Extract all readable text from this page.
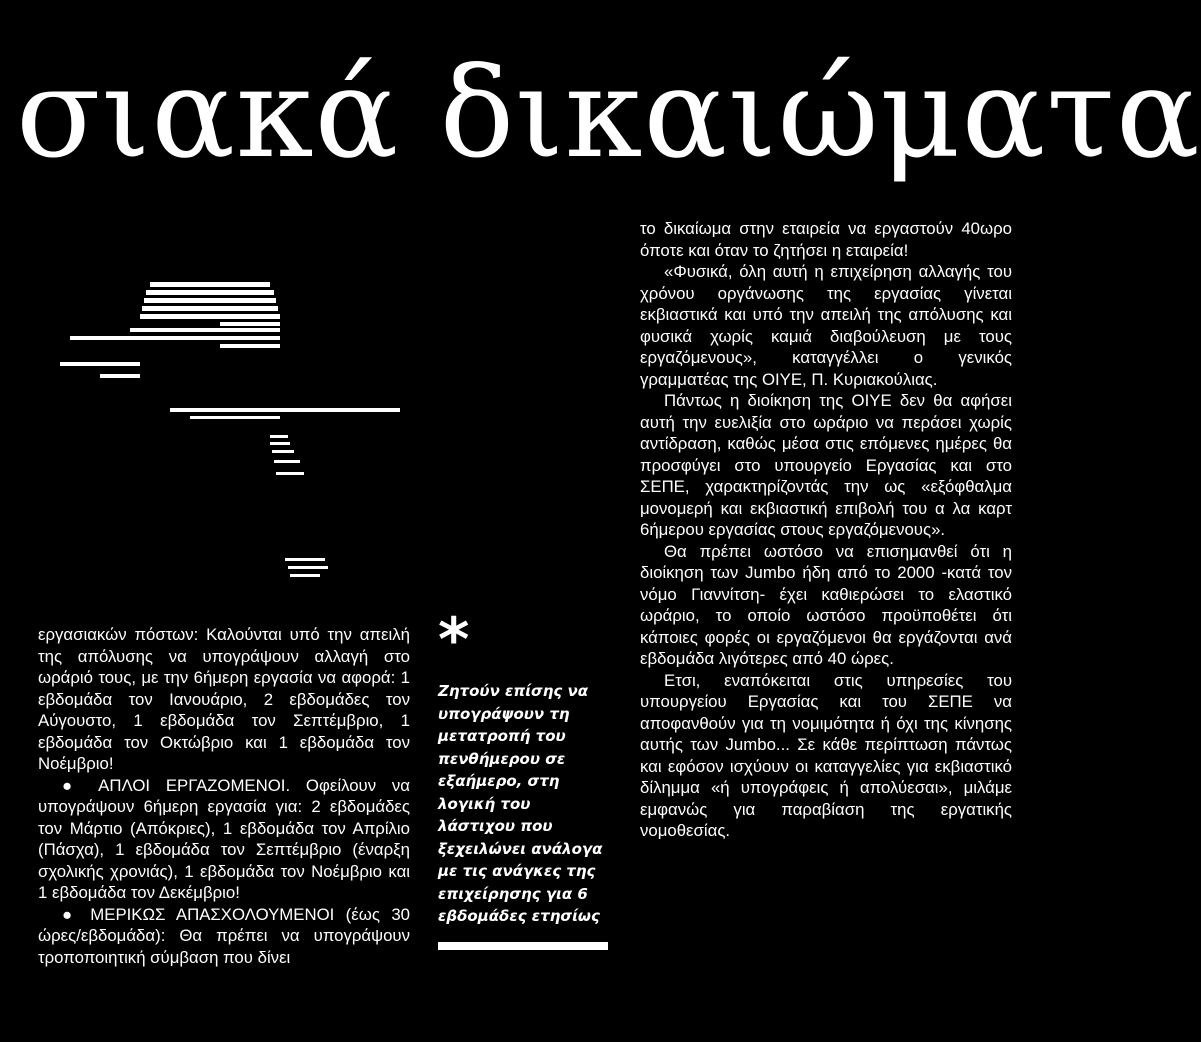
σιακά δικαιώματα

εργασιακών πόστων: Καλούνται υπό την απειλή της απόλυσης να υπογράψουν αλλαγή στο ωράριό τους, με την 6ήμερη εργασία να αφορά: 1 εβδομάδα τον Ιανουάριο, 2 εβδομάδες τον Αύγουστο, 1 εβδομάδα τον Σεπτέμβριο, 1 εβδομάδα τον Οκτώβριο και 1 εβδομάδα τον Νοέμβριο!

● ΑΠΛΟΙ ΕΡΓΑΖΟΜΕΝΟΙ. Οφείλουν να υπογράψουν 6ήμερη εργασία για: 2 εβδομάδες τον Μάρτιο (Απόκριες), 1 εβδομάδα τον Απρίλιο (Πάσχα), 1 εβδομάδα τον Σεπτέμβριο (έναρξη σχολικής χρονιάς), 1 εβδομάδα τον Νοέμβριο και 1 εβδομάδα τον Δεκέμβριο!

● ΜΕΡΙΚΩΣ ΑΠΑΣΧΟΛΟΥΜΕΝΟΙ (έως 30 ώρες/εβδομάδα): Θα πρέπει να υπογράψουν τροποποιητική σύμβαση που δίνει

*
Ζητούν επίσης να υπογράψουν τη μετατροπή του πενθήμερου σε εξαήμερο, στη λογική του λάστιχου που ξεχειλώνει ανάλογα με τις ανάγκες της επιχείρησης για 6 εβδομάδες ετησίως

το δικαίωμα στην εταιρεία να εργαστούν 40ωρο όποτε και όταν το ζητήσει η εταιρεία!

«Φυσικά, όλη αυτή η επιχείρηση αλλαγής του χρόνου οργάνωσης της εργασίας γίνεται εκβιαστικά και υπό την απειλή της απόλυσης και φυσικά χωρίς καμιά διαβούλευση με τους εργαζόμενους», καταγγέλλει ο γενικός γραμματέας της ΟΙΥΕ, Π. Κυριακούλιας.

Πάντως η διοίκηση της ΟΙΥΕ δεν θα αφήσει αυτή την ευελιξία στο ωράριο να περάσει χωρίς αντίδραση, καθώς μέσα στις επόμενες ημέρες θα προσφύγει στο υπουργείο Εργασίας και στο ΣΕΠΕ, χαρακτηρίζοντάς την ως «εξόφθαλμα μονομερή και εκβιαστική επιβολή του α λα καρτ 6ήμερου εργασίας στους εργαζόμενους».

Θα πρέπει ωστόσο να επισημανθεί ότι η διοίκηση των Jumbo ήδη από το 2000 -κατά τον νόμο Γιαννίτση- έχει καθιερώσει το ελαστικό ωράριο, το οποίο ωστόσο προϋποθέτει ότι κάποιες φορές οι εργαζόμενοι θα εργάζονται ανά εβδομάδα λιγότερες από 40 ώρες.

Ετσι, εναπόκειται στις υπηρεσίες του υπουργείου Εργασίας και του ΣΕΠΕ να αποφανθούν για τη νομιμότητα ή όχι της κίνησης αυτής των Jumbo... Σε κάθε περίπτωση πάντως και εφόσον ισχύουν οι καταγγελίες για εκβιαστικό δίλημμα «ή υπογράφεις ή απολύεσαι», μιλάμε εμφανώς για παραβίαση της εργατικής νομοθεσίας.
